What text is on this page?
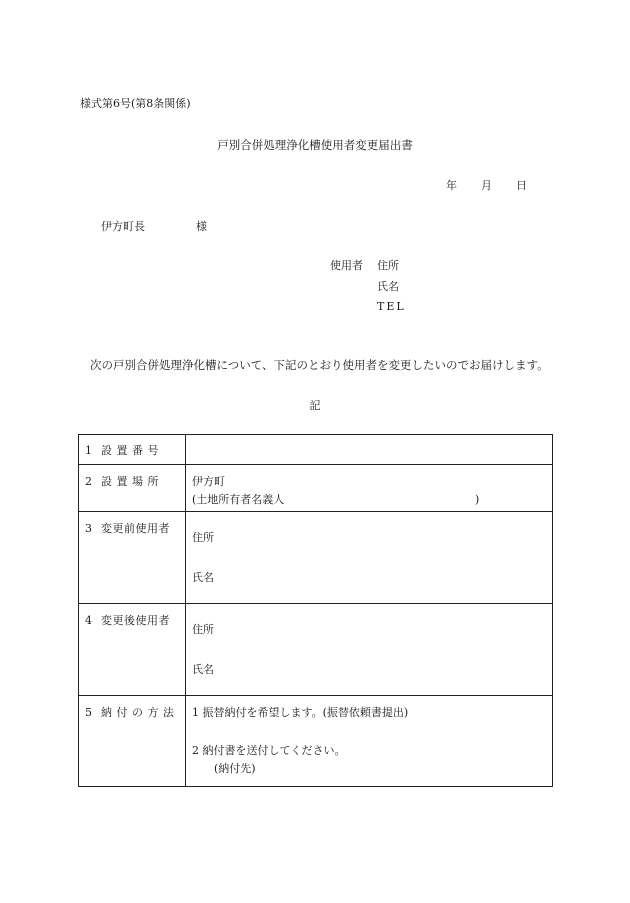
様式第6号(第8条関係)
戸別合併処理浄化槽使用者変更届出書
年 月 日
伊方町長	様
使用者 住所
氏名
TEL
次の戸別合併処理浄化槽について、下記のとおり使用者を変更したいのでお届けします。
記
1 設 置 番 号	
2 設 置 場 所	伊方町
(土地所有者名義人 )

3 変更前使用者	住所
氏名

4 変更後使用者	住所
氏名

5 納 付 の 方 法	1 振替納付を希望します。(振替依頼書提出)
2 納付書を送付してください。
(納付先)
